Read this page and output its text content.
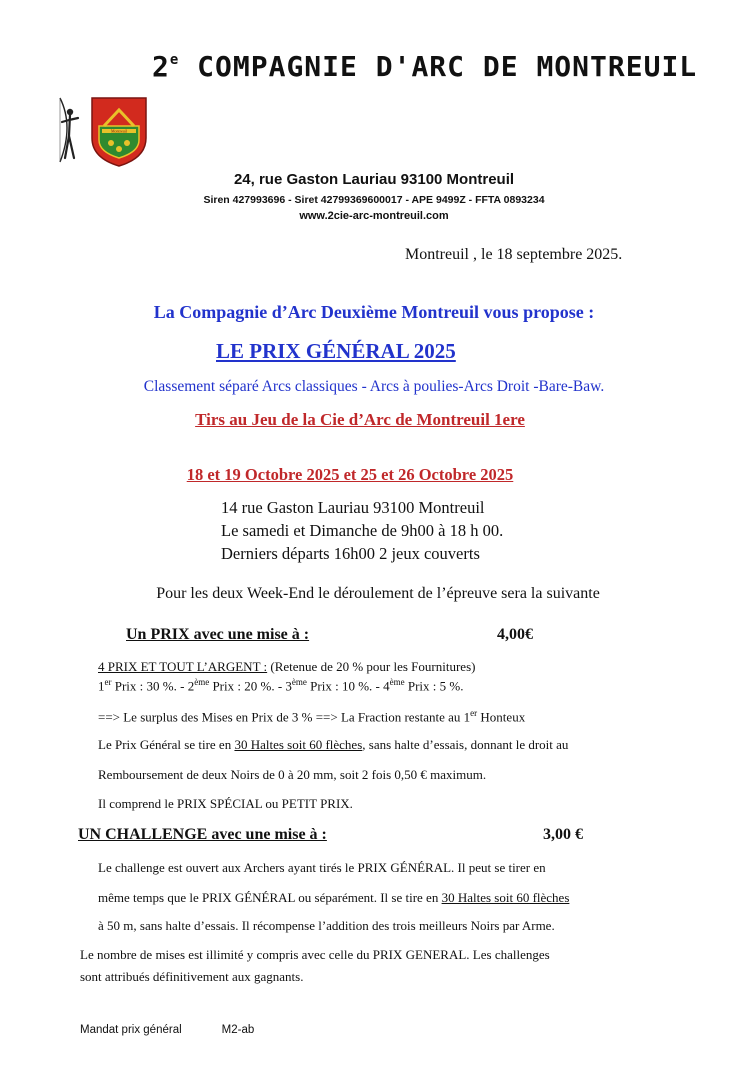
2e COMPAGNIE D'ARC DE MONTREUIL
Montreuil
24, rue Gaston Lauriau 93100 Montreuil
Siren 427993696 - Siret 42799369600017 - APE 9499Z - FFTA 0893234
www.2cie-arc-montreuil.com
Montreuil , le 18 septembre 2025.
La Compagnie d’Arc Deuxième Montreuil vous propose :
LE PRIX GÉNÉRAL 2025
Classement séparé Arcs classiques - Arcs à poulies-Arcs Droit -Bare-Baw.
Tirs au Jeu de la Cie d’Arc de Montreuil 1ere
18 et 19 Octobre 2025 et 25 et 26 Octobre 2025
14 rue Gaston Lauriau 93100 Montreuil
Le samedi et Dimanche de 9h00 à 18 h 00.
Derniers départs 16h00 2 jeux couverts
Pour les deux Week-End le déroulement de l’épreuve sera la suivante
Un PRIX avec une mise à :	4,00€
4 PRIX ET TOUT L’ARGENT : (Retenue de 20 % pour les Fournitures)
1er Prix : 30 %. - 2ème Prix : 20 %. - 3ème Prix : 10 %. - 4ème Prix : 5 %.
==> Le surplus des Mises en Prix de 3 % ==> La Fraction restante au 1er Honteux
Le Prix Général se tire en 30 Haltes soit 60 flèches, sans halte d’essais, donnant le droit au
Remboursement de deux Noirs de 0 à 20 mm, soit 2 fois 0,50 € maximum.
Il comprend le PRIX SPÉCIAL ou PETIT PRIX.
UN CHALLENGE avec une mise à :	3,00 €
Le challenge est ouvert aux Archers ayant tirés le PRIX GÉNÉRAL. Il peut se tirer en
même temps que le PRIX GÉNÉRAL ou séparément. Il se tire en 30 Haltes soit 60 flèches
à 50 m, sans halte d’essais. Il récompense l’addition des trois meilleurs Noirs par Arme.
Le nombre de mises est illimité y compris avec celle du PRIX GENERAL. Les challenges
sont attribués définitivement aux gagnants.
Mandat prix général	M2-ab
